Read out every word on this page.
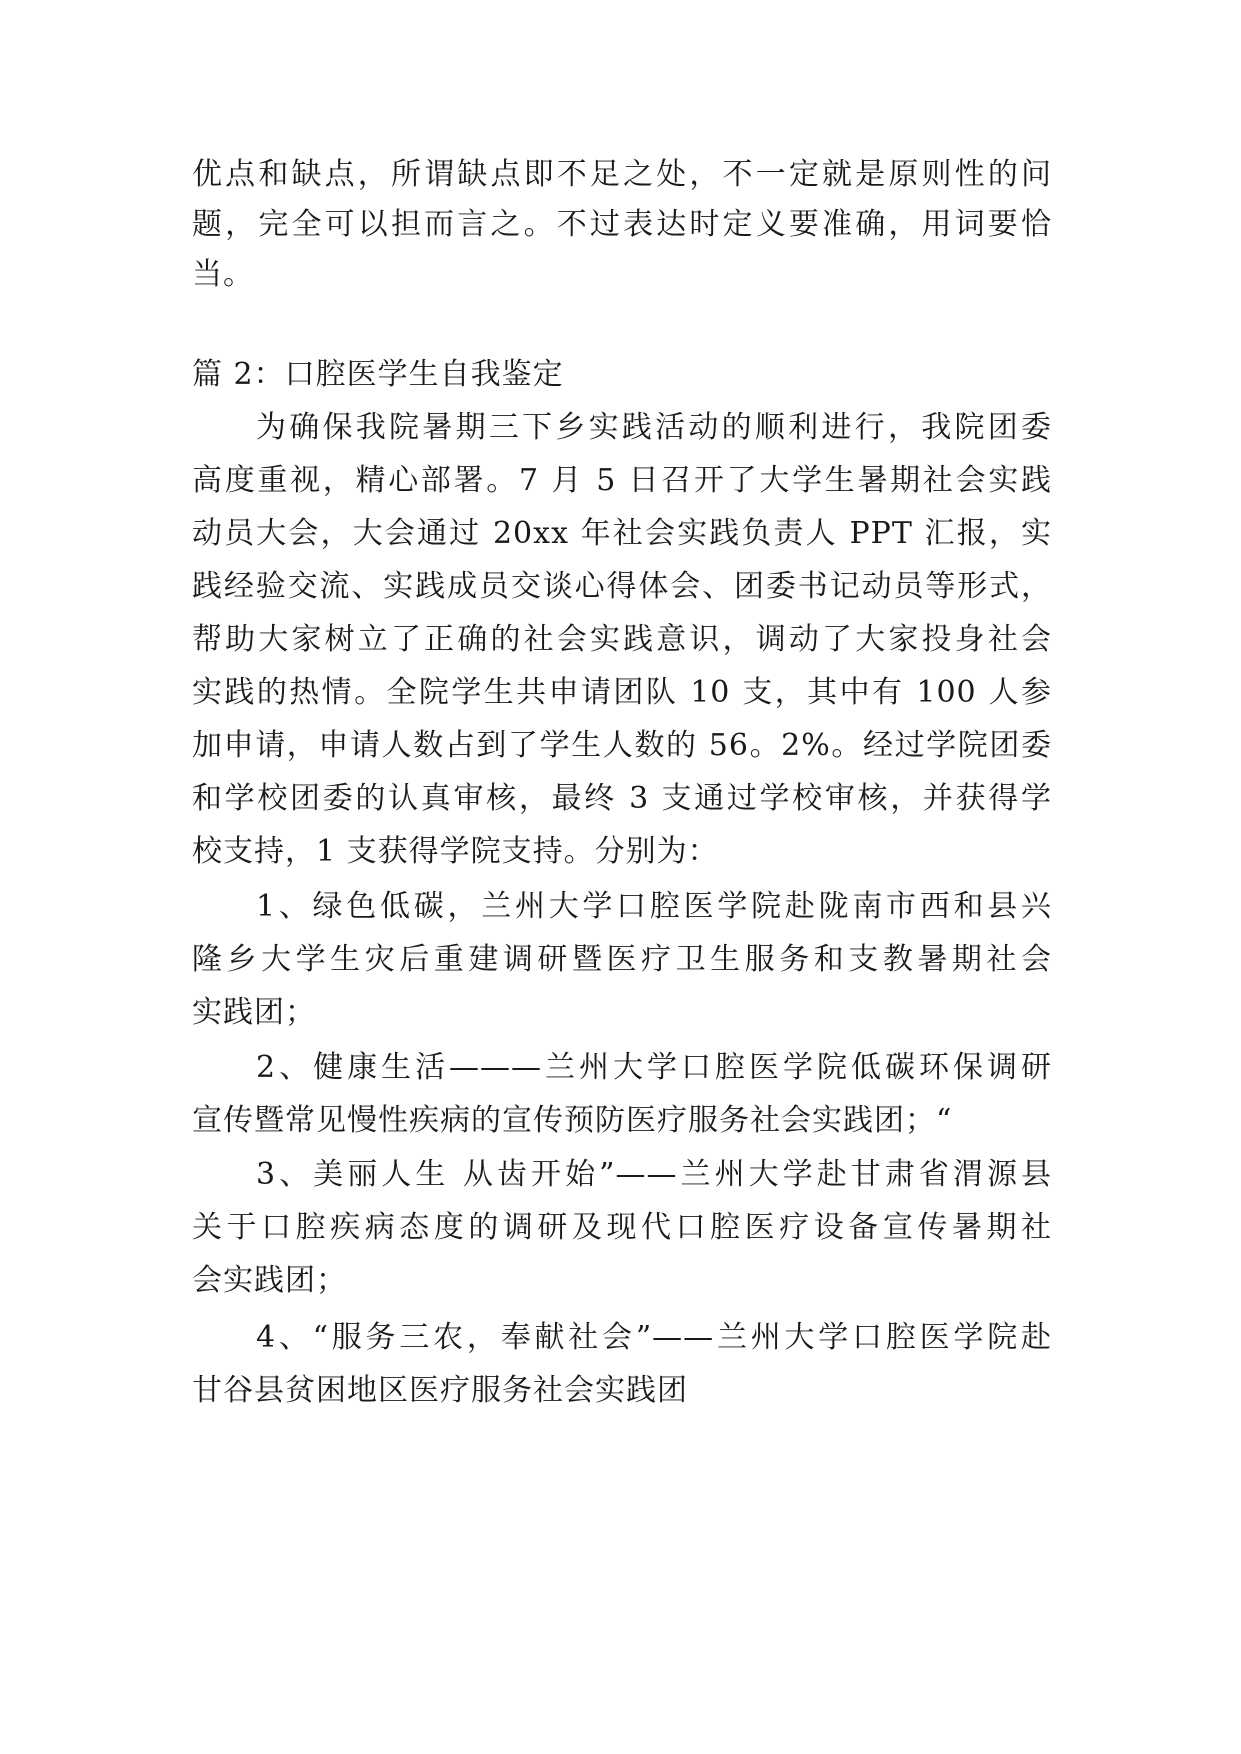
优点和缺点，所谓缺点即不足之处，不一定就是原则性的问
题，完全可以担而言之。不过表达时定义要准确，用词要恰
当。
篇 2：口腔医学生自我鉴定
为确保我院暑期三下乡实践活动的顺利进行，我院团委
高度重视，精心部署。7 月 5 日召开了大学生暑期社会实践
动员大会，大会通过 20xx 年社会实践负责人 PPT 汇报，实
践经验交流、实践成员交谈心得体会、团委书记动员等形式，
帮助大家树立了正确的社会实践意识，调动了大家投身社会
实践的热情。全院学生共申请团队 10 支，其中有 100 人参
加申请，申请人数占到了学生人数的 56。2%。经过学院团委
和学校团委的认真审核，最终 3 支通过学校审核，并获得学
校支持，1 支获得学院支持。分别为：
1、绿色低碳，兰州大学口腔医学院赴陇南市西和县兴
隆乡大学生灾后重建调研暨医疗卫生服务和支教暑期社会
实践团；
2、健康生活———兰州大学口腔医学院低碳环保调研
宣传暨常见慢性疾病的宣传预防医疗服务社会实践团；“
3、美丽人生 从齿开始”——兰州大学赴甘肃省渭源县
关于口腔疾病态度的调研及现代口腔医疗设备宣传暑期社
会实践团；
4、“服务三农，奉献社会”——兰州大学口腔医学院赴
甘谷县贫困地区医疗服务社会实践团
